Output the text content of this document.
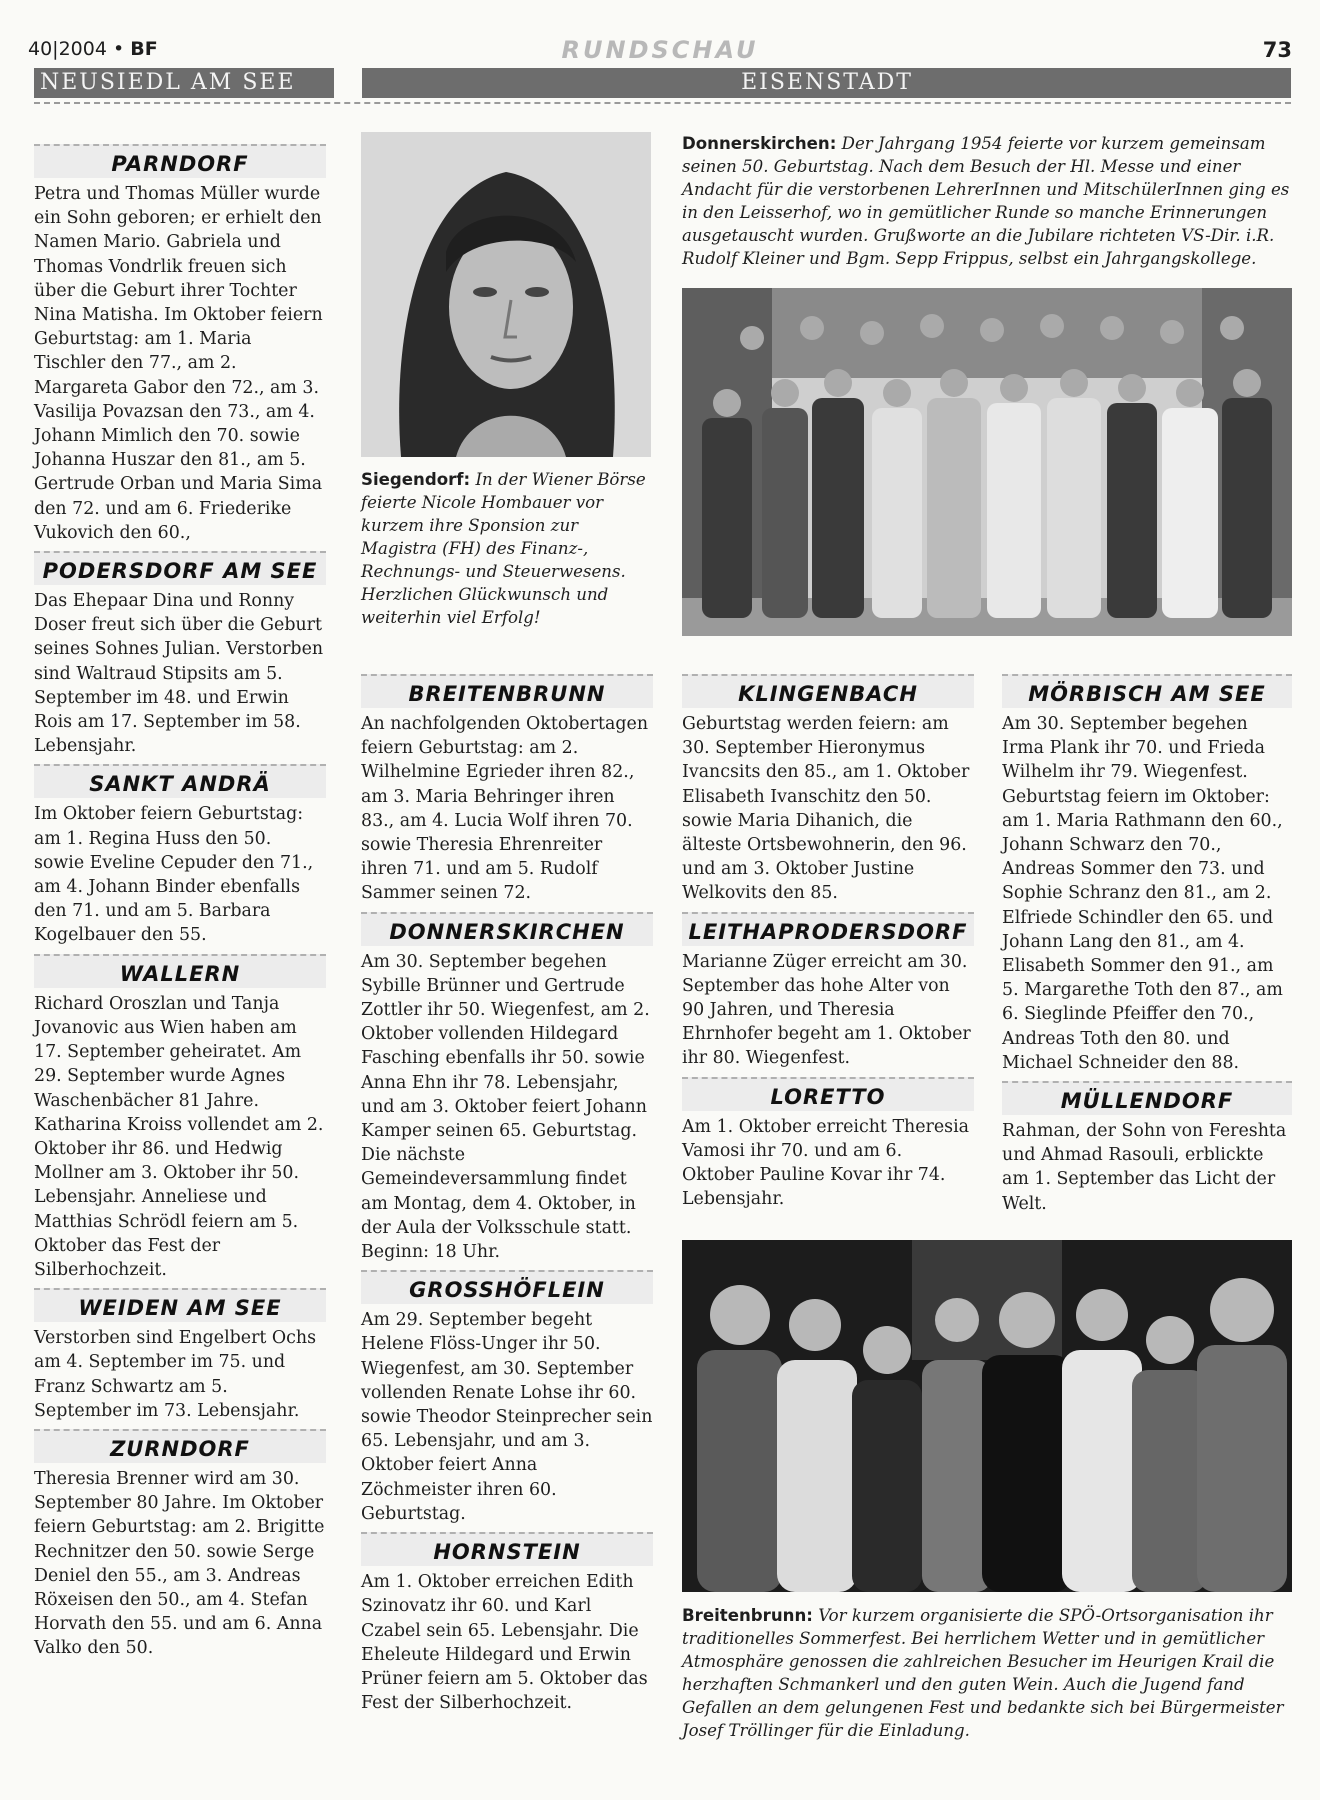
40|2004 • BF	RUNDSCHAU	73
NEUSIEDL AM SEE	EISENSTADT
PARNDORF

Petra und Thomas Müller wurde ein Sohn geboren; er erhielt den Namen Mario. Gabriela und Thomas Vondrlik freuen sich über die Geburt ihrer Tochter Nina Matisha. Im Oktober feiern Geburtstag: am 1. Maria Tischler den 77., am 2. Margareta Gabor den 72., am 3. Vasilija Povazsan den 73., am 4. Johann Mimlich den 70. sowie Johanna Huszar den 81., am 5. Gertrude Orban und Maria Sima den 72. und am 6. Friederike Vukovich den 60.,

PODERSDORF AM SEE

Das Ehepaar Dina und Ronny Doser freut sich über die Geburt seines Sohnes Julian. Verstorben sind Waltraud Stipsits am 5. September im 48. und Erwin Rois am 17. September im 58. Lebensjahr.

SANKT ANDRÄ

Im Oktober feiern Geburtstag: am 1. Regina Huss den 50. sowie Eveline Cepuder den 71., am 4. Johann Binder ebenfalls den 71. und am 5. Barbara Kogelbauer den 55.

WALLERN

Richard Oroszlan und Tanja Jovanovic aus Wien haben am 17. September geheiratet. Am 29. September wurde Agnes Waschenbächer 81 Jahre. Katharina Kroiss vollendet am 2. Oktober ihr 86. und Hedwig Mollner am 3. Oktober ihr 50. Lebensjahr. Anneliese und Matthias Schrödl feiern am 5. Oktober das Fest der Silberhochzeit.

WEIDEN AM SEE

Verstorben sind Engelbert Ochs am 4. September im 75. und Franz Schwartz am 5. September im 73. Lebensjahr.

ZURNDORF

Theresia Brenner wird am 30. September 80 Jahre. Im Oktober feiern Geburtstag: am 2. Brigitte Rechnitzer den 50. sowie Serge Deniel den 55., am 3. Andreas Röxeisen den 50., am 4. Stefan Horvath den 55. und am 6. Anna Valko den 50.

Siegendorf: In der Wiener Börse feierte Nicole Hombauer vor kurzem ihre Sponsion zur Magistra (FH) des Finanz-, Rechnungs- und Steuerwesens. Herzlichen Glückwunsch und weiterhin viel Erfolg!

BREITENBRUNN

An nachfolgenden Oktobertagen feiern Geburtstag: am 2. Wilhelmine Egrieder ihren 82., am 3. Maria Behringer ihren 83., am 4. Lucia Wolf ihren 70. sowie Theresia Ehrenreiter ihren 71. und am 5. Rudolf Sammer seinen 72.

DONNERSKIRCHEN

Am 30. September begehen Sybille Brünner und Gertrude Zottler ihr 50. Wiegenfest, am 2. Oktober vollenden Hildegard Fasching ebenfalls ihr 50. sowie Anna Ehn ihr 78. Lebensjahr, und am 3. Oktober feiert Johann Kamper seinen 65. Geburtstag. Die nächste Gemeindeversammlung findet am Montag, dem 4. Oktober, in der Aula der Volksschule statt. Beginn: 18 Uhr.

GROSSHÖFLEIN

Am 29. September begeht Helene Flöss-Unger ihr 50. Wiegenfest, am 30. September vollenden Renate Lohse ihr 60. sowie Theodor Steinprecher sein 65. Lebensjahr, und am 3. Oktober feiert Anna Zöchmeister ihren 60. Geburtstag.

HORNSTEIN

Am 1. Oktober erreichen Edith Szinovatz ihr 60. und Karl Czabel sein 65. Lebensjahr. Die Eheleute Hildegard und Erwin Prüner feiern am 5. Oktober das Fest der Silberhochzeit.

Donnerskirchen: Der Jahrgang 1954 feierte vor kurzem gemeinsam seinen 50. Geburtstag. Nach dem Besuch der Hl. Messe und einer Andacht für die verstorbenen LehrerInnen und MitschülerInnen ging es in den Leisserhof, wo in gemütlicher Runde so manche Erinnerungen ausgetauscht wurden. Grußworte an die Jubilare richteten VS-Dir. i.R. Rudolf Kleiner und Bgm. Sepp Frippus, selbst ein Jahrgangskollege.

KLINGENBACH

Geburtstag werden feiern: am 30. September Hieronymus Ivancsits den 85., am 1. Oktober Elisabeth Ivanschitz den 50. sowie Maria Dihanich, die älteste Ortsbewohnerin, den 96. und am 3. Oktober Justine Welkovits den 85.

LEITHAPRODERSDORF

Marianne Züger erreicht am 30. September das hohe Alter von 90 Jahren, und Theresia Ehrnhofer begeht am 1. Oktober ihr 80. Wiegenfest.

LORETTO

Am 1. Oktober erreicht Theresia Vamosi ihr 70. und am 6. Oktober Pauline Kovar ihr 74. Lebensjahr.

MÖRBISCH AM SEE

Am 30. September begehen Irma Plank ihr 70. und Frieda Wilhelm ihr 79. Wiegenfest. Geburtstag feiern im Oktober: am 1. Maria Rathmann den 60., Johann Schwarz den 70., Andreas Sommer den 73. und Sophie Schranz den 81., am 2. Elfriede Schindler den 65. und Johann Lang den 81., am 4. Elisabeth Sommer den 91., am 5. Margarethe Toth den 87., am 6. Sieglinde Pfeiffer den 70., Andreas Toth den 80. und Michael Schneider den 88.

MÜLLENDORF

Rahman, der Sohn von Fereshta und Ahmad Rasouli, erblickte am 1. September das Licht der Welt.

Breitenbrunn: Vor kurzem organisierte die SPÖ-Ortsorganisation ihr traditionelles Sommerfest. Bei herrlichem Wetter und in gemütlicher Atmosphäre genossen die zahlreichen Besucher im Heurigen Krail die herzhaften Schmankerl und den guten Wein. Auch die Jugend fand Gefallen an dem gelungenen Fest und bedankte sich bei Bürgermeister Josef Tröllinger für die Einladung.
